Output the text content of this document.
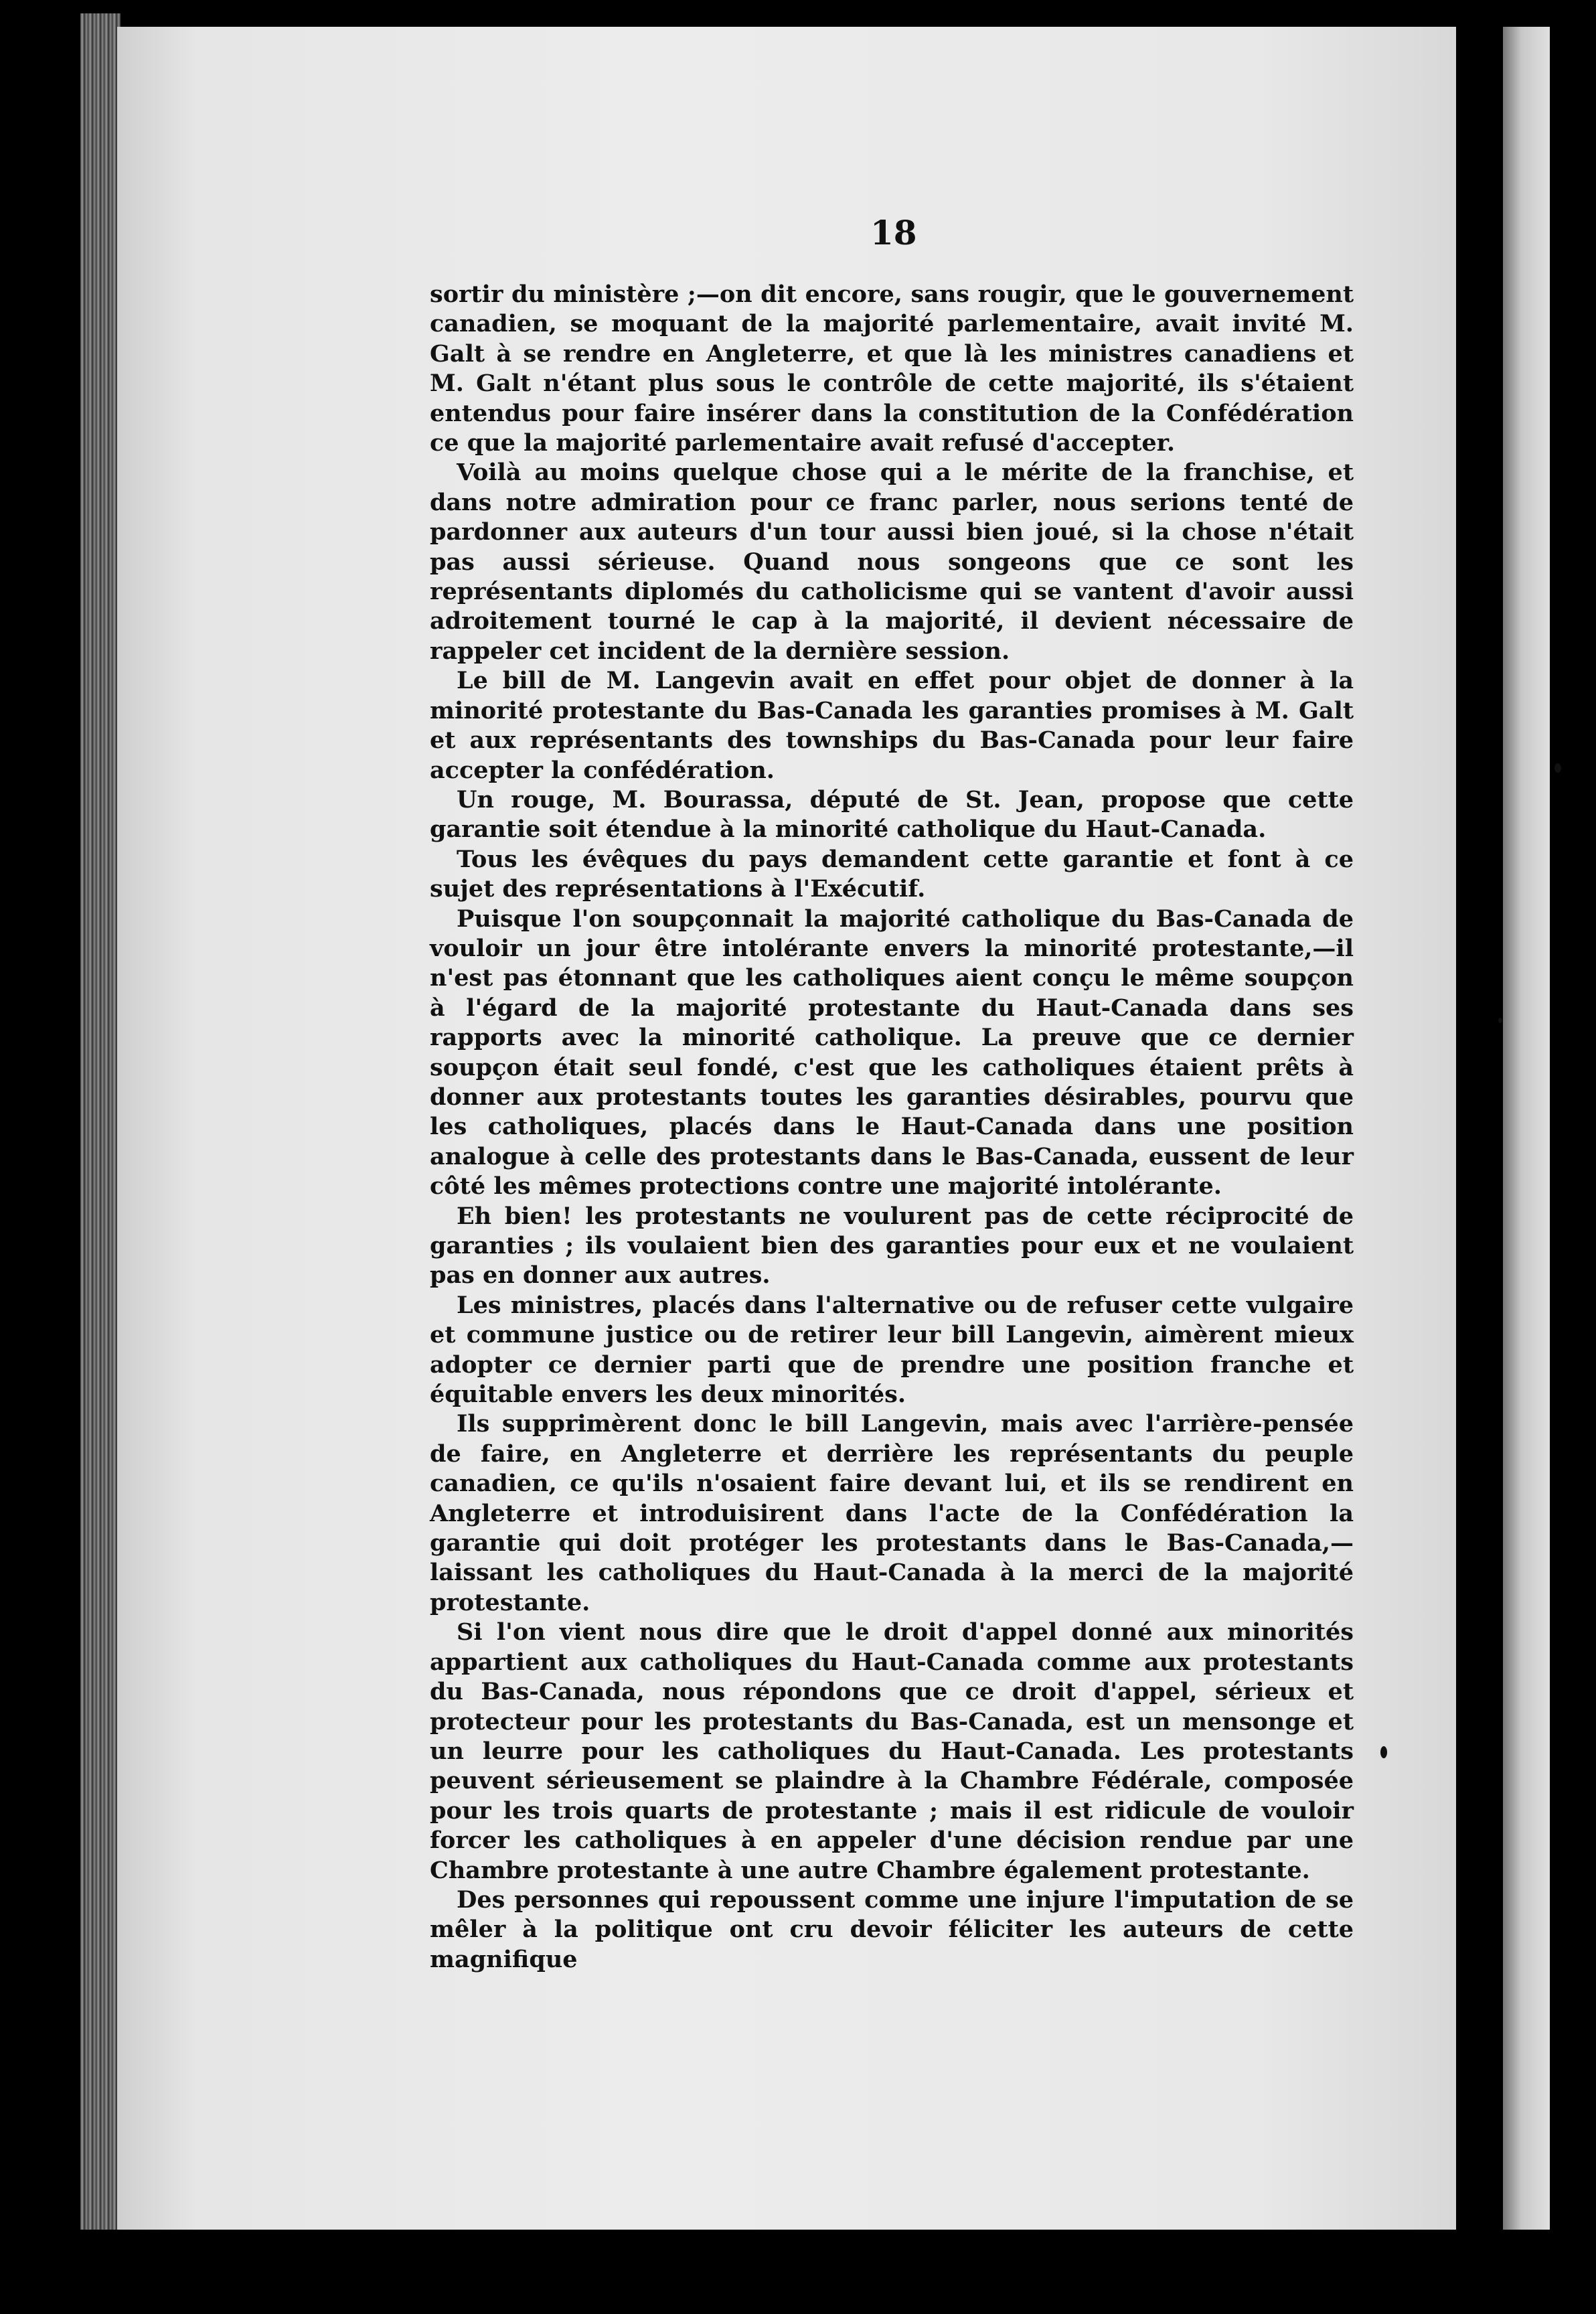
18

sortir du ministère ;—on dit encore, sans rougir, que le gouvernement canadien, se moquant de la majorité parlementaire, avait invité M. Galt à se rendre en Angleterre, et que là les ministres canadiens et M. Galt n'étant plus sous le contrôle de cette majorité, ils s'étaient entendus pour faire insérer dans la constitution de la Confédération ce que la majorité parlementaire avait refusé d'accepter.

Voilà au moins quelque chose qui a le mérite de la franchise, et dans notre admiration pour ce franc parler, nous serions tenté de pardonner aux auteurs d'un tour aussi bien joué, si la chose n'était pas aussi sérieuse. Quand nous songeons que ce sont les représentants diplomés du catholicisme qui se vantent d'avoir aussi adroitement tourné le cap à la majorité, il devient nécessaire de rappeler cet incident de la dernière session.

Le bill de M. Langevin avait en effet pour objet de donner à la minorité protestante du Bas-Canada les garanties promises à M. Galt et aux représentants des townships du Bas-Canada pour leur faire accepter la confédération.

Un rouge, M. Bourassa, député de St. Jean, propose que cette garantie soit étendue à la minorité catholique du Haut-Canada.

Tous les évêques du pays demandent cette garantie et font à ce sujet des représentations à l'Exécutif.

Puisque l'on soupçonnait la majorité catholique du Bas-Canada de vouloir un jour être intolérante envers la minorité protestante,—il n'est pas étonnant que les catholiques aient conçu le même soupçon à l'égard de la majorité protestante du Haut-Canada dans ses rapports avec la minorité catholique. La preuve que ce dernier soupçon était seul fondé, c'est que les catholiques étaient prêts à donner aux protestants toutes les garanties désirables, pourvu que les catholiques, placés dans le Haut-Canada dans une position analogue à celle des protestants dans le Bas-Canada, eussent de leur côté les mêmes protections contre une majorité intolérante.

Eh bien! les protestants ne voulurent pas de cette réciprocité de garanties ; ils voulaient bien des garanties pour eux et ne voulaient pas en donner aux autres.

Les ministres, placés dans l'alternative ou de refuser cette vulgaire et commune justice ou de retirer leur bill Langevin, aimèrent mieux adopter ce dernier parti que de prendre une position franche et équitable envers les deux minorités.

Ils supprimèrent donc le bill Langevin, mais avec l'arrière-pensée de faire, en Angleterre et derrière les représentants du peuple canadien, ce qu'ils n'osaient faire devant lui, et ils se rendirent en Angleterre et introduisirent dans l'acte de la Confédération la garantie qui doit protéger les protestants dans le Bas-Canada,—laissant les catholiques du Haut-Canada à la merci de la majorité protestante.

Si l'on vient nous dire que le droit d'appel donné aux minorités appartient aux catholiques du Haut-Canada comme aux protestants du Bas-Canada, nous répondons que ce droit d'appel, sérieux et protecteur pour les protestants du Bas-Canada, est un mensonge et un leurre pour les catholiques du Haut-Canada. Les protestants peuvent sérieusement se plaindre à la Chambre Fédérale, composée pour les trois quarts de protestante ; mais il est ridicule de vouloir forcer les catholiques à en appeler d'une décision rendue par une Chambre protestante à une autre Chambre également protestante.

Des personnes qui repoussent comme une injure l'imputation de se mêler à la politique ont cru devoir féliciter les auteurs de cette magnifique
